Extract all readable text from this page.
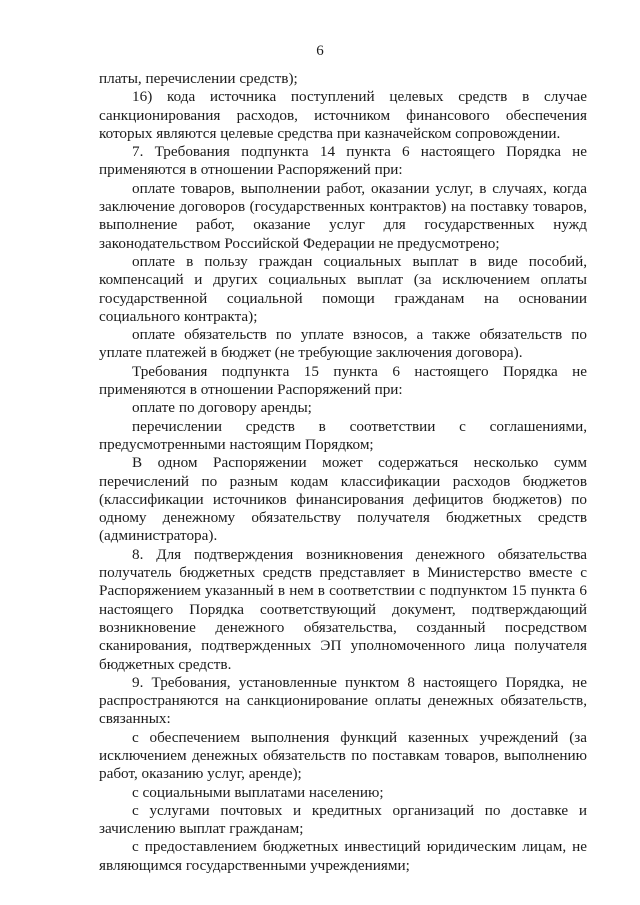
6

платы, перечислении средств);

16) кода источника поступлений целевых средств в случае санкционирования расходов, источником финансового обеспечения которых являются целевые средства при казначейском сопровождении.

7. Требования подпункта 14 пункта 6 настоящего Порядка не применяются в отношении Распоряжений при:

оплате товаров, выполнении работ, оказании услуг, в случаях, когда заключение договоров (государственных контрактов) на поставку товаров, выполнение работ, оказание услуг для государственных нужд законодательством Российской Федерации не предусмотрено;

оплате в пользу граждан социальных выплат в виде пособий, компенсаций и других социальных выплат (за исключением оплаты государственной социальной помощи гражданам на основании социального контракта);

оплате обязательств по уплате взносов, а также обязательств по уплате платежей в бюджет (не требующие заключения договора).

Требования подпункта 15 пункта 6 настоящего Порядка не применяются в отношении Распоряжений при:

оплате по договору аренды;

перечислении средств в соответствии с соглашениями, предусмотренными настоящим Порядком;

В одном Распоряжении может содержаться несколько сумм перечислений по разным кодам классификации расходов бюджетов (классификации источников финансирования дефицитов бюджетов) по одному денежному обязательству получателя бюджетных средств (администратора).

8. Для подтверждения возникновения денежного обязательства получатель бюджетных средств представляет в Министерство вместе с Распоряжением указанный в нем в соответствии с подпунктом 15 пункта 6 настоящего Порядка соответствующий документ, подтверждающий возникновение денежного обязательства, созданный посредством сканирования, подтвержденных ЭП уполномоченного лица получателя бюджетных средств.

9. Требования, установленные пунктом 8 настоящего Порядка, не распространяются на санкционирование оплаты денежных обязательств, связанных:

с обеспечением выполнения функций казенных учреждений (за исключением денежных обязательств по поставкам товаров, выполнению работ, оказанию услуг, аренде);

с социальными выплатами населению;

с услугами почтовых и кредитных организаций по доставке и зачислению выплат гражданам;

с предоставлением бюджетных инвестиций юридическим лицам, не являющимся государственными учреждениями;
